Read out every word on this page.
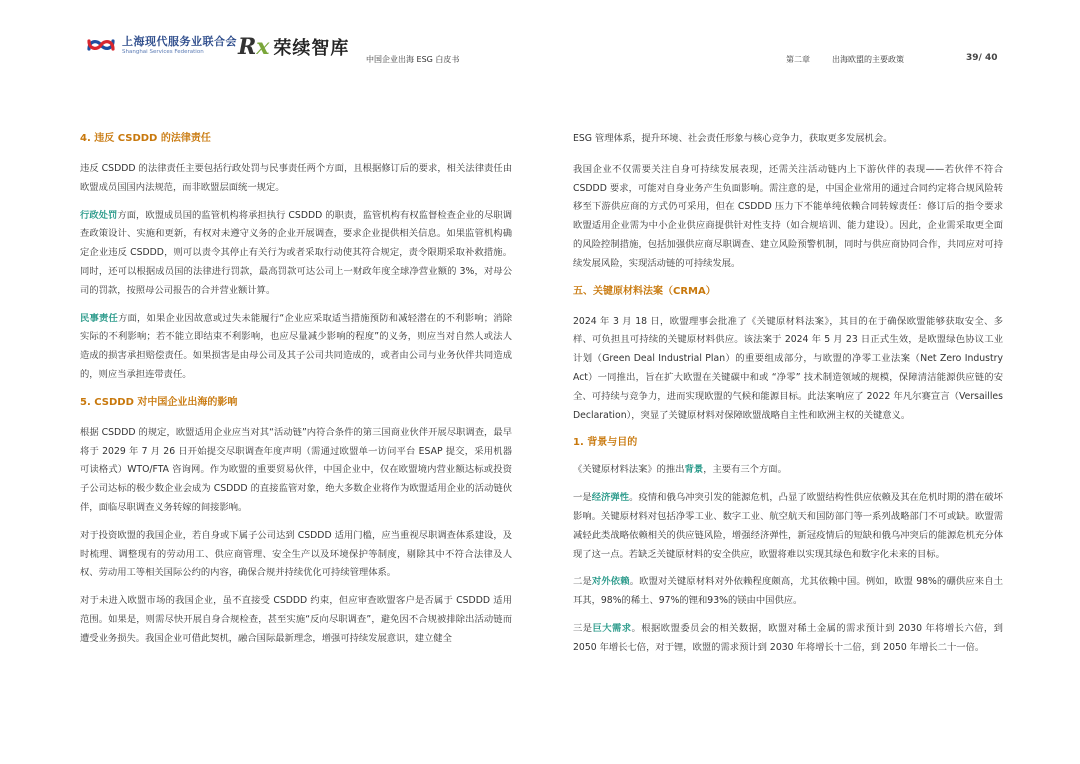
上海现代服务业联合会
Shanghai Services Federation	Rx 荣续智库
中国企业出海 ESG 白皮书	第二章	出海欧盟的主要政策	39/ 40

4. 违反 CSDDD 的法律责任

违反 CSDDD 的法律责任主要包括行政处罚与民事责任两个方面，且根据修订后的要求，相关法律责任由欧盟成员国国内法规范，而非欧盟层面统一规定。

行政处罚方面，欧盟成员国的监管机构将承担执行 CSDDD 的职责，监管机构有权监督检查企业的尽职调查政策设计、实施和更新，有权对未遵守义务的企业开展调查，要求企业提供相关信息。如果监管机构确定企业违反 CSDDD，则可以责令其停止有关行为或者采取行动使其符合规定，责令限期采取补救措施。同时，还可以根据成员国的法律进行罚款，最高罚款可达公司上一财政年度全球净营业额的 3%，对母公司的罚款，按照母公司报告的合并营业额计算。

民事责任方面，如果企业因故意或过失未能履行“企业应采取适当措施预防和减轻潜在的不利影响；消除实际的不利影响；若不能立即结束不利影响，也应尽量减少影响的程度”的义务，则应当对自然人或法人造成的损害承担赔偿责任。如果损害是由母公司及其子公司共同造成的，或者由公司与业务伙伴共同造成的，则应当承担连带责任。

5. CSDDD 对中国企业出海的影响

根据 CSDDD 的规定，欧盟适用企业应当对其“活动链”内符合条件的第三国商业伙伴开展尽职调查，最早将于 2029 年 7 月 26 日开始提交尽职调查年度声明（需通过欧盟单一访问平台 ESAP 提交，采用机器可读格式）WTO/FTA 咨询网。作为欧盟的重要贸易伙伴，中国企业中，仅在欧盟境内营业额达标或投资子公司达标的极少数企业会成为 CSDDD 的直接监管对象，绝大多数企业将作为欧盟适用企业的活动链伙伴，面临尽职调查义务转嫁的间接影响。

对于投资欧盟的我国企业，若自身或下属子公司达到 CSDDD 适用门槛，应当重视尽职调查体系建设，及时梳理、调整现有的劳动用工、供应商管理、安全生产以及环境保护等制度，剔除其中不符合法律及人权、劳动用工等相关国际公约的内容，确保合规并持续优化可持续管理体系。

对于未进入欧盟市场的我国企业，虽不直接受 CSDDD 约束，但应审查欧盟客户是否属于 CSDDD 适用范围。如果是，则需尽快开展自身合规检查，甚至实施“反向尽职调查”，避免因不合规被排除出活动链而遭受业务损失。我国企业可借此契机，融合国际最新理念，增强可持续发展意识，建立健全

ESG 管理体系，提升环境、社会责任形象与核心竞争力，获取更多发展机会。

我国企业不仅需要关注自身可持续发展表现，还需关注活动链内上下游伙伴的表现——若伙伴不符合 CSDDD 要求，可能对自身业务产生负面影响。需注意的是，中国企业常用的通过合同约定将合规风险转移至下游供应商的方式仍可采用，但在 CSDDD 压力下不能单纯依赖合同转嫁责任：修订后的指令要求欧盟适用企业需为中小企业供应商提供针对性支持（如合规培训、能力建设）。因此，企业需采取更全面的风险控制措施，包括加强供应商尽职调查、建立风险预警机制，同时与供应商协同合作，共同应对可持续发展风险，实现活动链的可持续发展。

五、关键原材料法案（CRMA）

2024 年 3 月 18 日，欧盟理事会批准了《关键原材料法案》，其目的在于确保欧盟能够获取安全、多样、可负担且可持续的关键原材料供应。该法案于 2024 年 5 月 23 日正式生效，是欧盟绿色协议工业计划（Green Deal Industrial Plan）的重要组成部分，与欧盟的净零工业法案（Net Zero Industry Act）一同推出，旨在扩大欧盟在关键碳中和或 “净零” 技术制造领域的规模，保障清洁能源供应链的安全、可持续与竞争力，进而实现欧盟的气候和能源目标。此法案响应了 2022 年凡尔赛宣言（Versailles Declaration），突显了关键原材料对保障欧盟战略自主性和欧洲主权的关键意义。

1. 背景与目的

《关键原材料法案》的推出背景，主要有三个方面。

一是经济弹性。疫情和俄乌冲突引发的能源危机，凸显了欧盟结构性供应依赖及其在危机时期的潜在破坏影响。关键原材料对包括净零工业、数字工业、航空航天和国防部门等一系列战略部门不可或缺。欧盟需减轻此类战略依赖相关的供应链风险，增强经济弹性，新冠疫情后的短缺和俄乌冲突后的能源危机充分体现了这一点。若缺乏关键原材料的安全供应，欧盟将难以实现其绿色和数字化未来的目标。

二是对外依赖。欧盟对关键原材料对外依赖程度颇高，尤其依赖中国。例如，欧盟 98%的硼供应来自土耳其，98%的稀土、97%的锂和93%的镁由中国供应。

三是巨大需求。根据欧盟委员会的相关数据，欧盟对稀土金属的需求预计到 2030 年将增长六倍，到 2050 年增长七倍，对于锂，欧盟的需求预计到 2030 年将增长十二倍，到 2050 年增长二十一倍。
